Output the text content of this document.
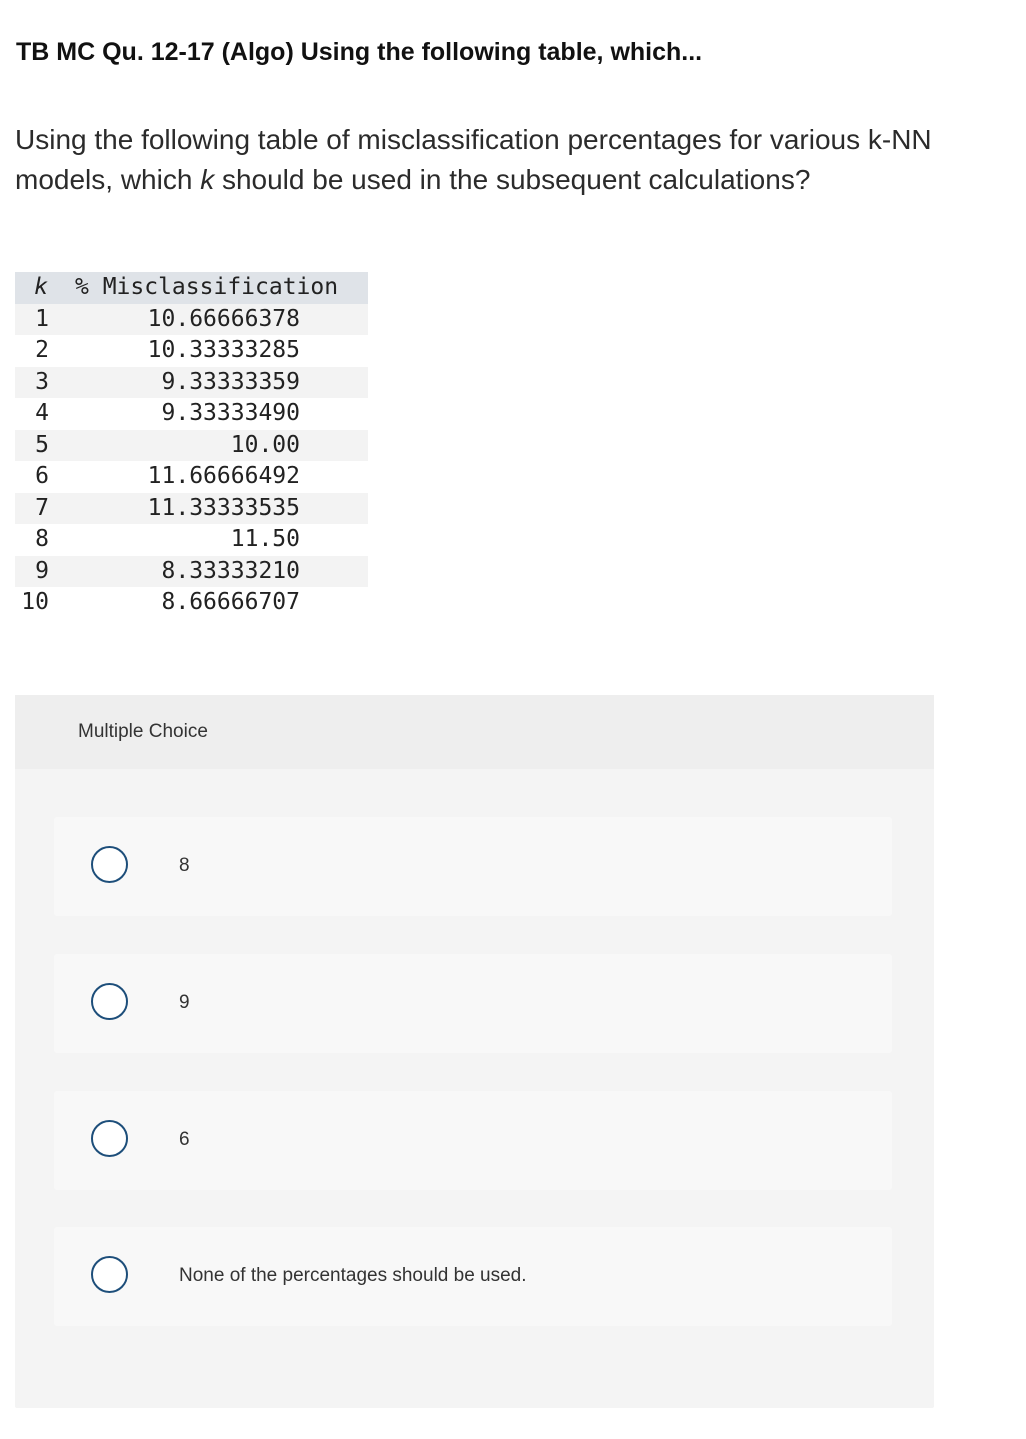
TB MC Qu. 12-17 (Algo) Using the following table, which...

Using the following table of misclassification percentages for various k-NN models, which k should be used in the subsequent calculations?

k	% Misclassification
1	10.66666378
2	10.33333285
3	9.33333359
4	9.33333490
5	10.00
6	11.66666492
7	11.33333535
8	11.50
9	8.33333210
10	8.66666707
Multiple Choice
8
9
6
None of the percentages should be used.
